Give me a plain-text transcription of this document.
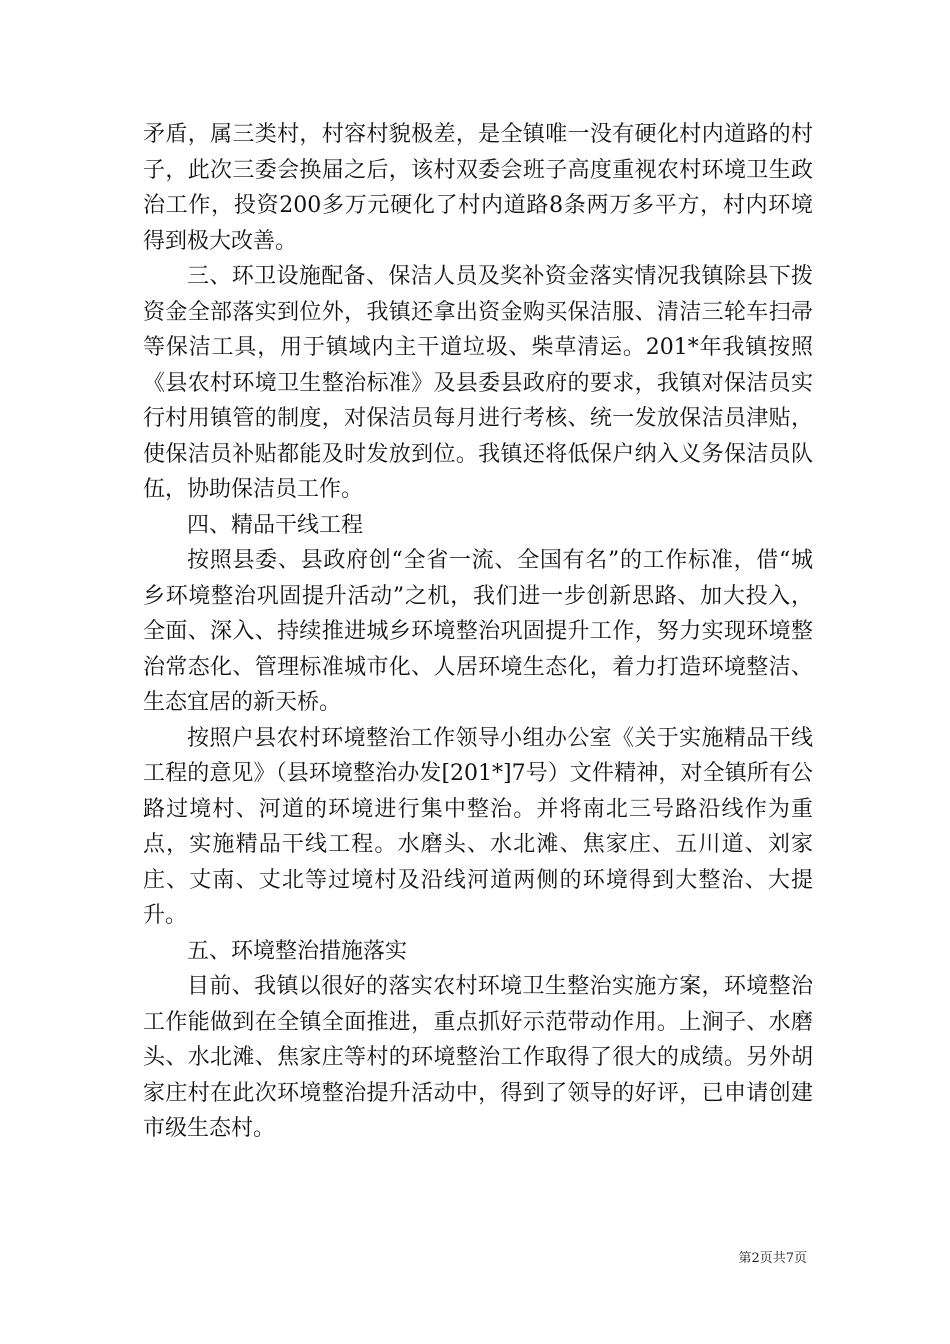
矛盾，属三类村，村容村貌极差，是全镇唯一没有硬化村内道路的村子，此次三委会换届之后，该村双委会班子高度重视农村环境卫生政治工作，投资200多万元硬化了村内道路8条两万多平方，村内环境得到极大改善。

三、环卫设施配备、保洁人员及奖补资金落实情况我镇除县下拨资金全部落实到位外，我镇还拿出资金购买保洁服、清洁三轮车扫帚等保洁工具，用于镇域内主干道垃圾、柴草清运。201*年我镇按照《县农村环境卫生整治标准》及县委县政府的要求，我镇对保洁员实行村用镇管的制度，对保洁员每月进行考核、统一发放保洁员津贴，使保洁员补贴都能及时发放到位。我镇还将低保户纳入义务保洁员队伍，协助保洁员工作。

四、精品干线工程

按照县委、县政府创“全省一流、全国有名”的工作标准，借“城乡环境整治巩固提升活动”之机，我们进一步创新思路、加大投入，全面、深入、持续推进城乡环境整治巩固提升工作，努力实现环境整治常态化、管理标准城市化、人居环境生态化，着力打造环境整洁、生态宜居的新天桥。

按照户县农村环境整治工作领导小组办公室《关于实施精品干线工程的意见》（县环境整治办发[201*]7号）文件精神，对全镇所有公路过境村、河道的环境进行集中整治。并将南北三号路沿线作为重点，实施精品干线工程。水磨头、水北滩、焦家庄、五川道、刘家庄、丈南、丈北等过境村及沿线河道两侧的环境得到大整治、大提升。

五、环境整治措施落实

目前、我镇以很好的落实农村环境卫生整治实施方案，环境整治工作能做到在全镇全面推进，重点抓好示范带动作用。上涧子、水磨头、水北滩、焦家庄等村的环境整治工作取得了很大的成绩。另外胡家庄村在此次环境整治提升活动中，得到了领导的好评，已申请创建市级生态村。

第2页共7页
